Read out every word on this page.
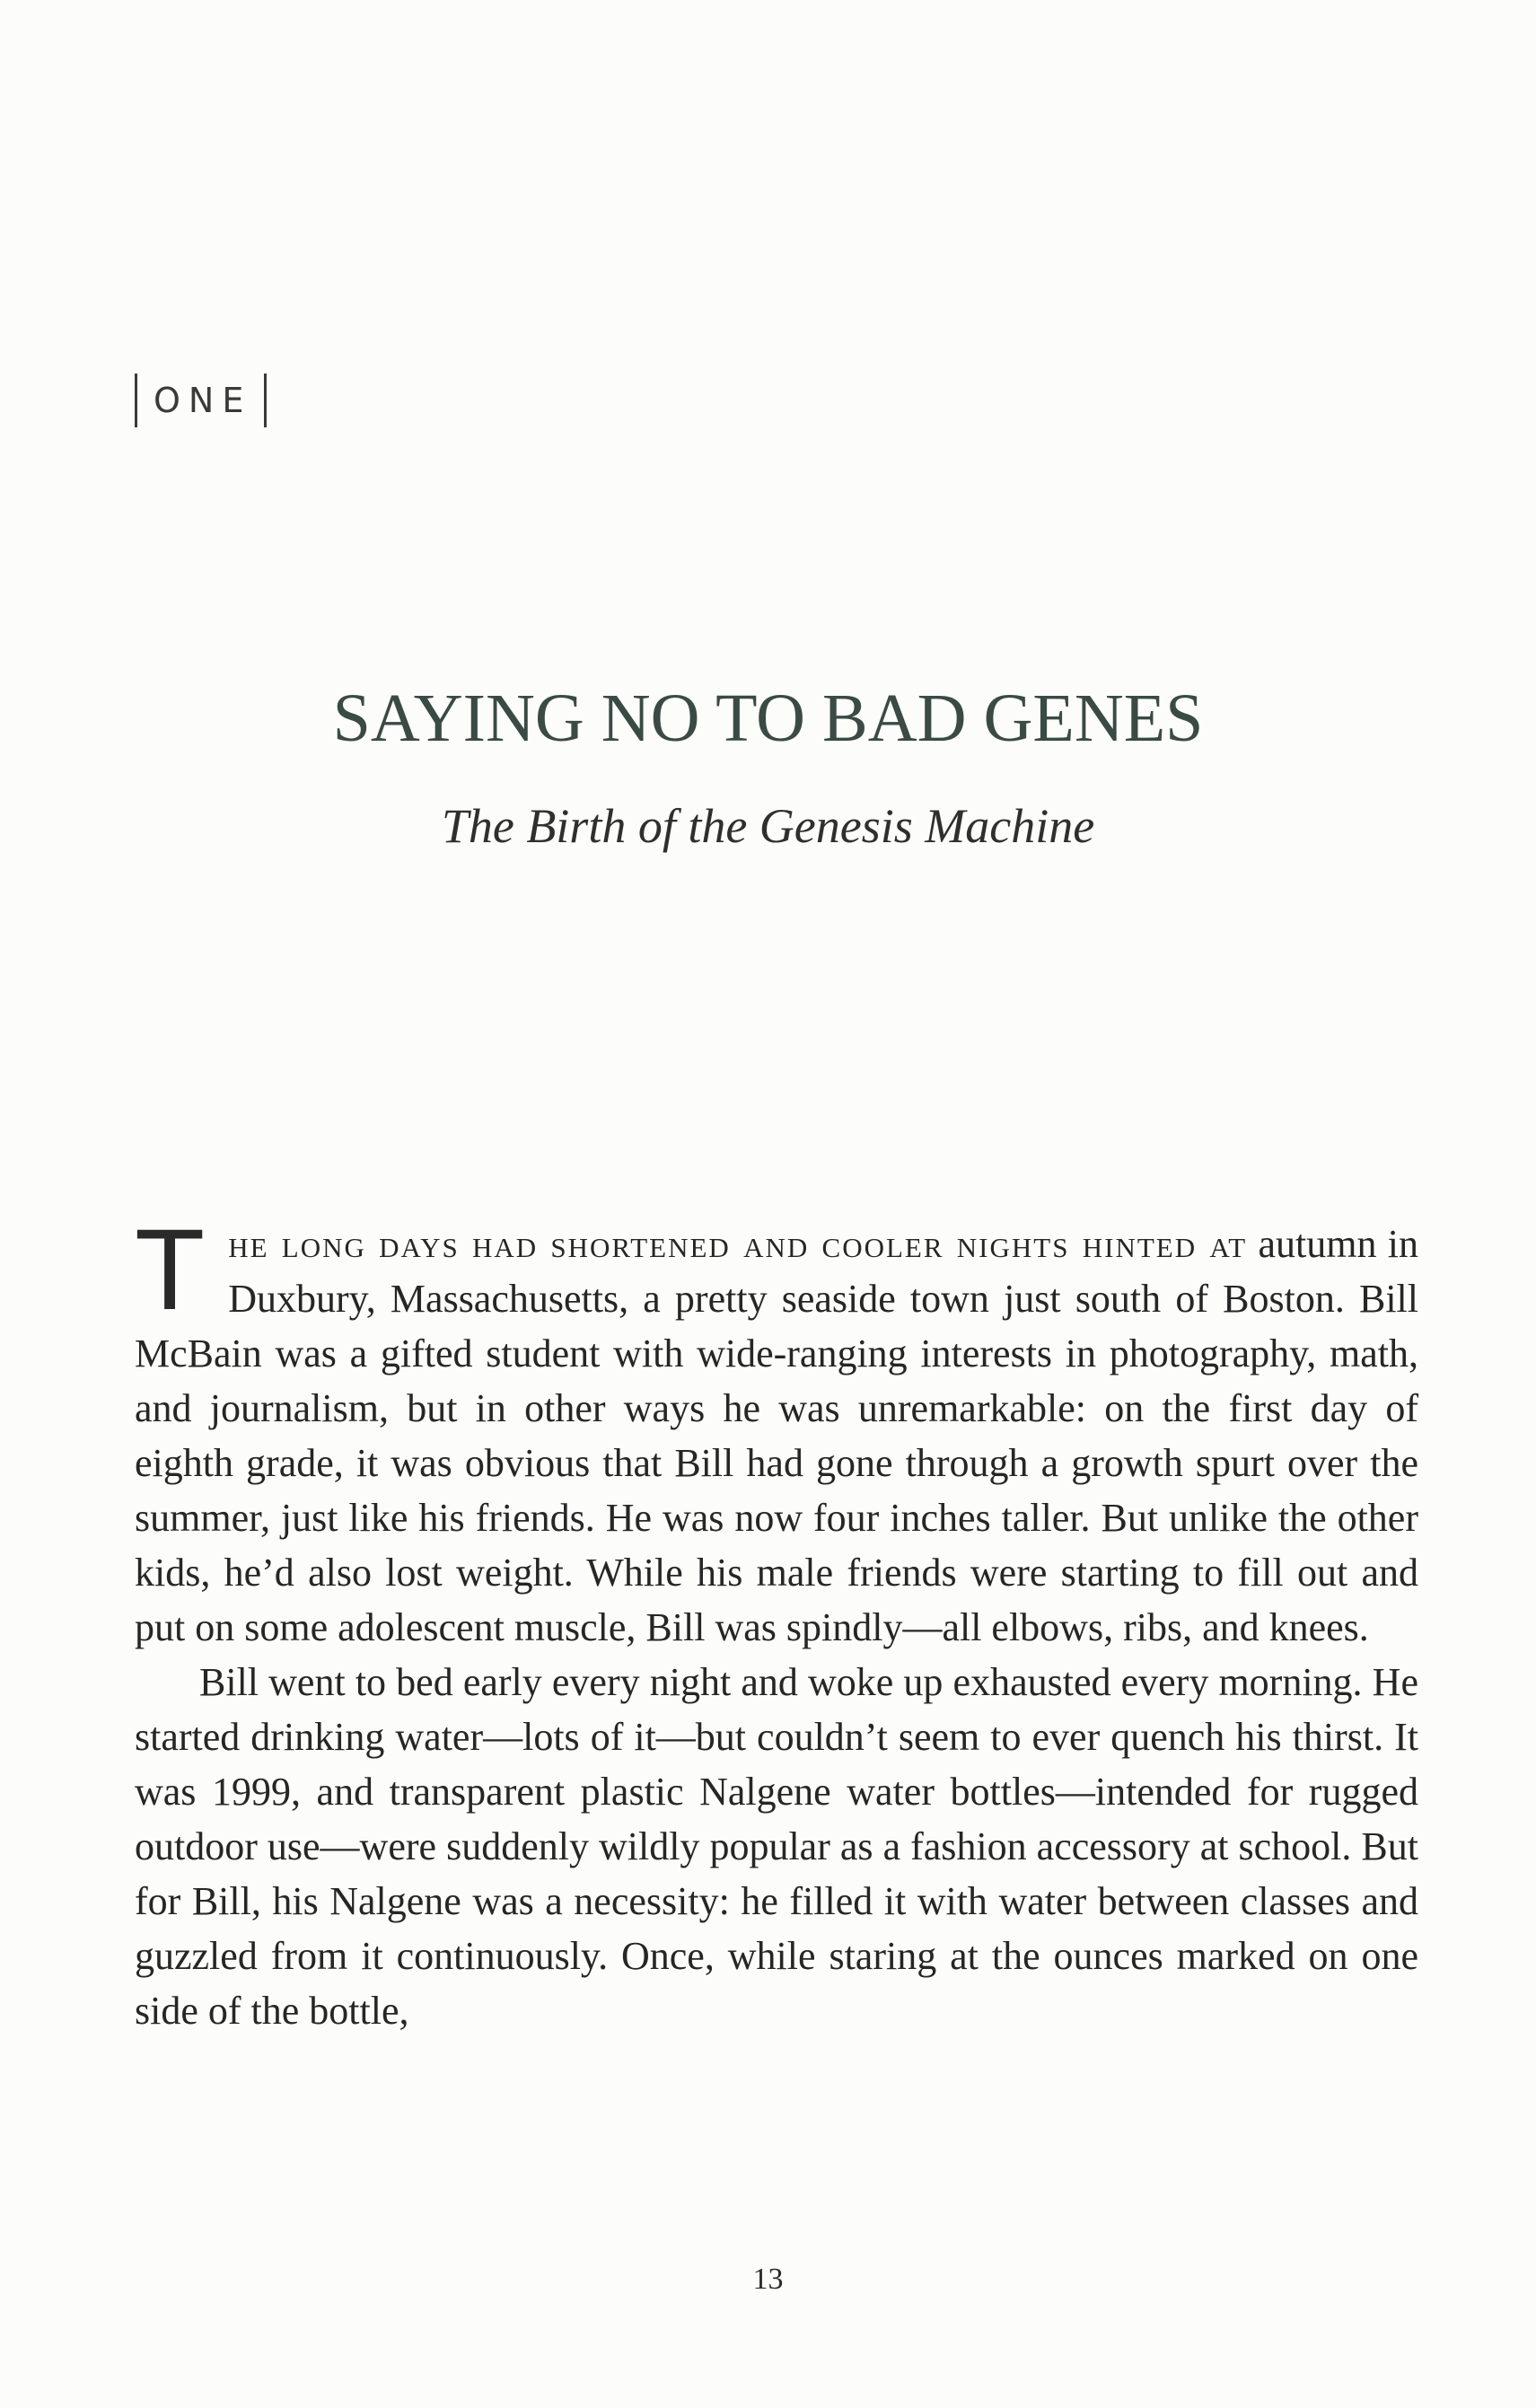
ONE
SAYING NO TO BAD GENES

The Birth of the Genesis Machine

The long days had shortened and cooler nights hinted at autumn in Duxbury, Massachusetts, a pretty seaside town just south of Boston. Bill McBain was a gifted student with wide-ranging interests in photography, math, and journalism, but in other ways he was unremarkable: on the first day of eighth grade, it was obvious that Bill had gone through a growth spurt over the summer, just like his friends. He was now four inches taller. But unlike the other kids, he’d also lost weight. While his male friends were starting to fill out and put on some adolescent muscle, Bill was spindly—all elbows, ribs, and knees.

Bill went to bed early every night and woke up exhausted every morning. He started drinking water—lots of it—but couldn’t seem to ever quench his thirst. It was 1999, and transparent plastic Nalgene water bottles—intended for rugged outdoor use—were suddenly wildly popular as a fashion accessory at school. But for Bill, his Nalgene was a necessity: he filled it with water between classes and guzzled from it continuously. Once, while staring at the ounces marked on one side of the bottle,

13
